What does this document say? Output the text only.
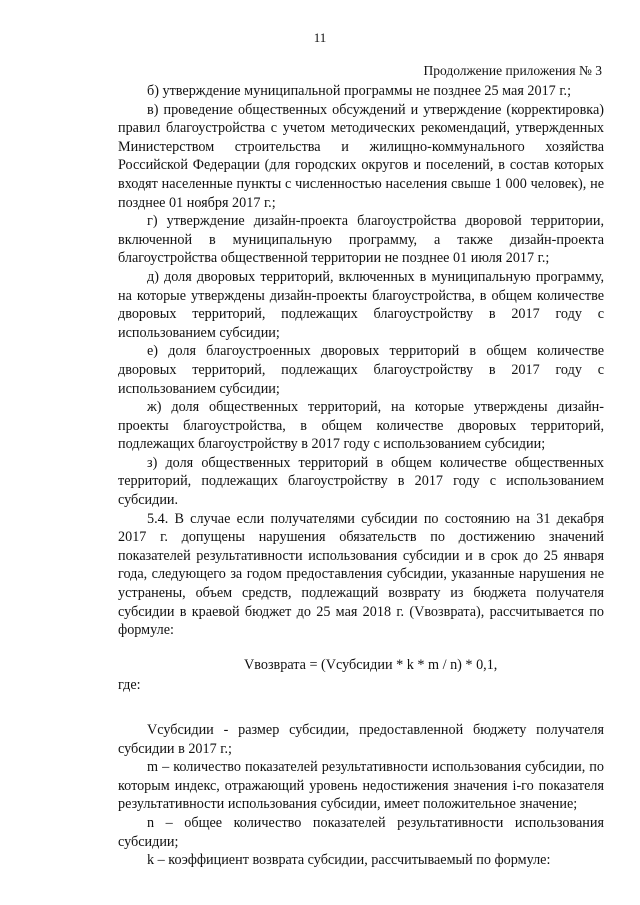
11
Продолжение приложения № 3

б) утверждение муниципальной программы не позднее 25 мая 2017 г.;

в) проведение общественных обсуждений и утверждение (корректировка) правил благоустройства с учетом методических рекомендаций, утвержденных Министерством строительства и жилищно-коммунального хозяйства Российской Федерации (для городских округов и поселений, в состав которых входят населенные пункты с численностью населения свыше 1 000 человек), не позднее 01 ноября 2017 г.;

г) утверждение дизайн-проекта благоустройства дворовой территории, включенной в муниципальную программу, а также дизайн-проекта благоустройства общественной территории не позднее 01 июля 2017 г.;

д) доля дворовых территорий, включенных в муниципальную программу, на которые утверждены дизайн-проекты благоустройства, в общем количестве дворовых территорий, подлежащих благоустройству в 2017 году с использованием субсидии;

е) доля благоустроенных дворовых территорий в общем количестве дворовых территорий, подлежащих благоустройству в 2017 году с использованием субсидии;

ж) доля общественных территорий, на которые утверждены дизайн-проекты благоустройства, в общем количестве дворовых территорий, подлежащих благоустройству в 2017 году с использованием субсидии;

з) доля общественных территорий в общем количестве общественных территорий, подлежащих благоустройству в 2017 году с использованием субсидии.

5.4. В случае если получателями субсидии по состоянию на 31 декабря 2017 г. допущены нарушения обязательств по достижению значений показателей результативности использования субсидии и в срок до 25 января года, следующего за годом предоставления субсидии, указанные нарушения не устранены, объем средств, подлежащий возврату из бюджета получателя субсидии в краевой бюджет до 25 мая 2018 г. (Vвозврата), рассчитывается по формуле:

Vвозврата = (Vсубсидии * k * m / n) * 0,1,

где:

Vсубсидии - размер субсидии, предоставленной бюджету получателя субсидии в 2017 г.;

m – количество показателей результативности использования субсидии, по которым индекс, отражающий уровень недостижения значения i-го показателя результативности использования субсидии, имеет положительное значение;

n – общее количество показателей результативности использования субсидии;

k – коэффициент возврата субсидии, рассчитываемый по формуле:
